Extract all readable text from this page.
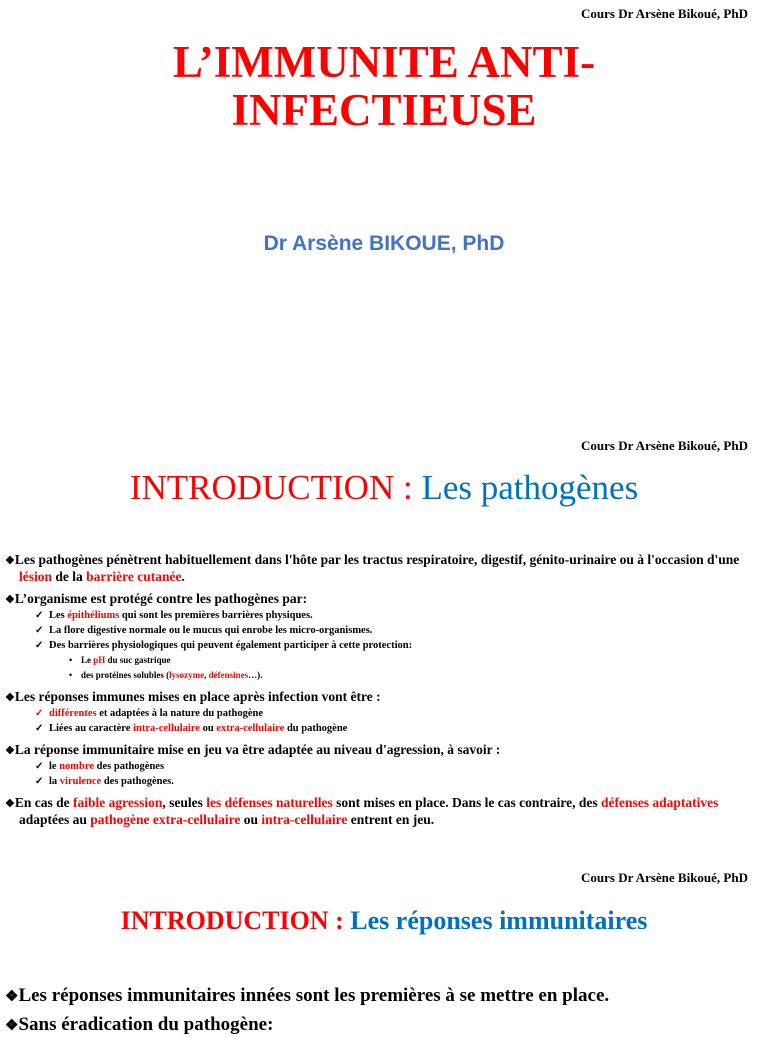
Cours Dr Arsène Bikoué, PhD
L’IMMUNITE ANTI-
INFECTIEUSE
Dr Arsène BIKOUE, PhD
Cours Dr Arsène Bikoué, PhD
INTRODUCTION : Les pathogènes

❖ Les pathogènes pénètrent habituellement dans l'hôte par les tractus respiratoire, digestif, génito-urinaire ou à l'occasion d'une lésion de la barrière cutanée.

❖ L’organisme est protégé contre les pathogènes par:

✓ Les épithéliums qui sont les premières barrières physiques.

✓ La flore digestive normale ou le mucus qui enrobe les micro-organismes.

✓ Des barrières physiologiques qui peuvent également participer à cette protection:

• Le pH du suc gastrique

• des protéines solubles (lysozyme, défensines…).

❖ Les réponses immunes mises en place après infection vont être :

✓ différentes et adaptées à la nature du pathogène

✓ Liées au caractère intra-cellulaire ou extra-cellulaire du pathogène

❖ La réponse immunitaire mise en jeu va être adaptée au niveau d'agression, à savoir :

✓ le nombre des pathogènes

✓ la virulence des pathogènes.

❖ En cas de faible agression, seules les défenses naturelles sont mises en place. Dans le cas contraire, des défenses adaptatives adaptées au pathogène extra-cellulaire ou intra-cellulaire entrent en jeu.

Cours Dr Arsène Bikoué, PhD
INTRODUCTION : Les réponses immunitaires

❖ Les réponses immunitaires innées sont les premières à se mettre en place.

❖ Sans éradication du pathogène:
